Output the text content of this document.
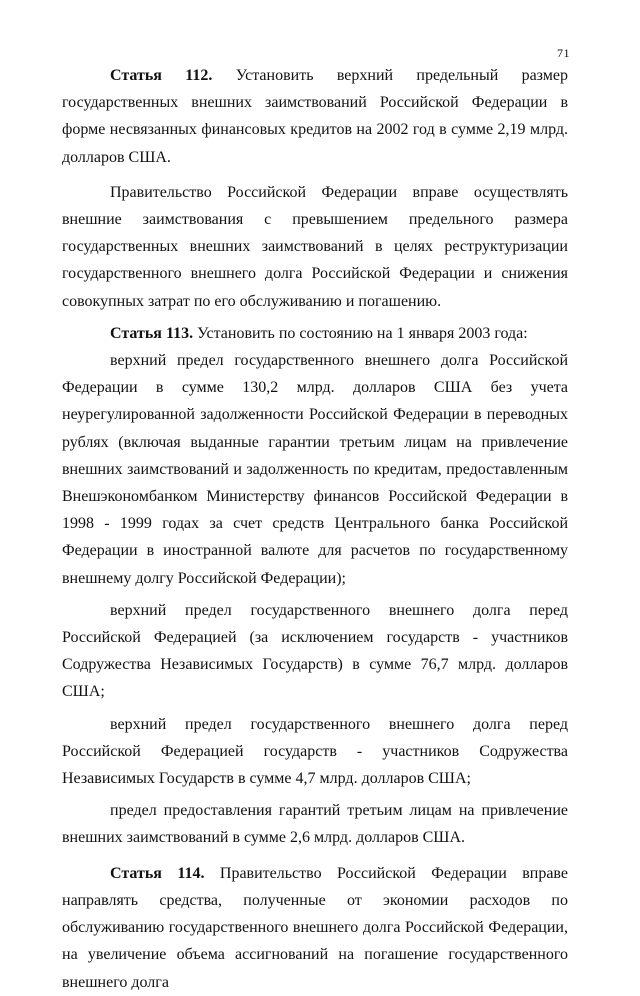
71

Статья 112. Установить верхний предельный размер государственных внешних заимствований Российской Федерации в форме несвязанных финансовых кредитов на 2002 год в сумме 2,19 млрд. долларов США.

Правительство Российской Федерации вправе осуществлять внешние заимствования с превышением предельного размера государственных внешних заимствований в целях реструктуризации государственного внешнего долга Российской Федерации и снижения совокупных затрат по его обслуживанию и погашению.

Статья 113. Установить по состоянию на 1 января 2003 года:

верхний предел государственного внешнего долга Российской Федерации в сумме 130,2 млрд. долларов США без учета неурегулированной задолженности Российской Федерации в переводных рублях (включая выданные гарантии третьим лицам на привлечение внешних заимствований и задолженность по кредитам, предоставленным Внешэкономбанком Министерству финансов Российской Федерации в 1998 - 1999 годах за счет средств Центрального банка Российской Федерации в иностранной валюте для расчетов по государственному внешнему долгу Российской Федерации);

верхний предел государственного внешнего долга перед Российской Федерацией (за исключением государств - участников Содружества Независимых Государств) в сумме 76,7 млрд. долларов США;

верхний предел государственного внешнего долга перед Российской Федерацией государств - участников Содружества Независимых Государств в сумме 4,7 млрд. долларов США;

предел предоставления гарантий третьим лицам на привлечение внешних заимствований в сумме 2,6 млрд. долларов США.

Статья 114. Правительство Российской Федерации вправе направлять средства, полученные от экономии расходов по обслуживанию государственного внешнего долга Российской Федерации, на увеличение объема ассигнований на погашение государственного внешнего долга
